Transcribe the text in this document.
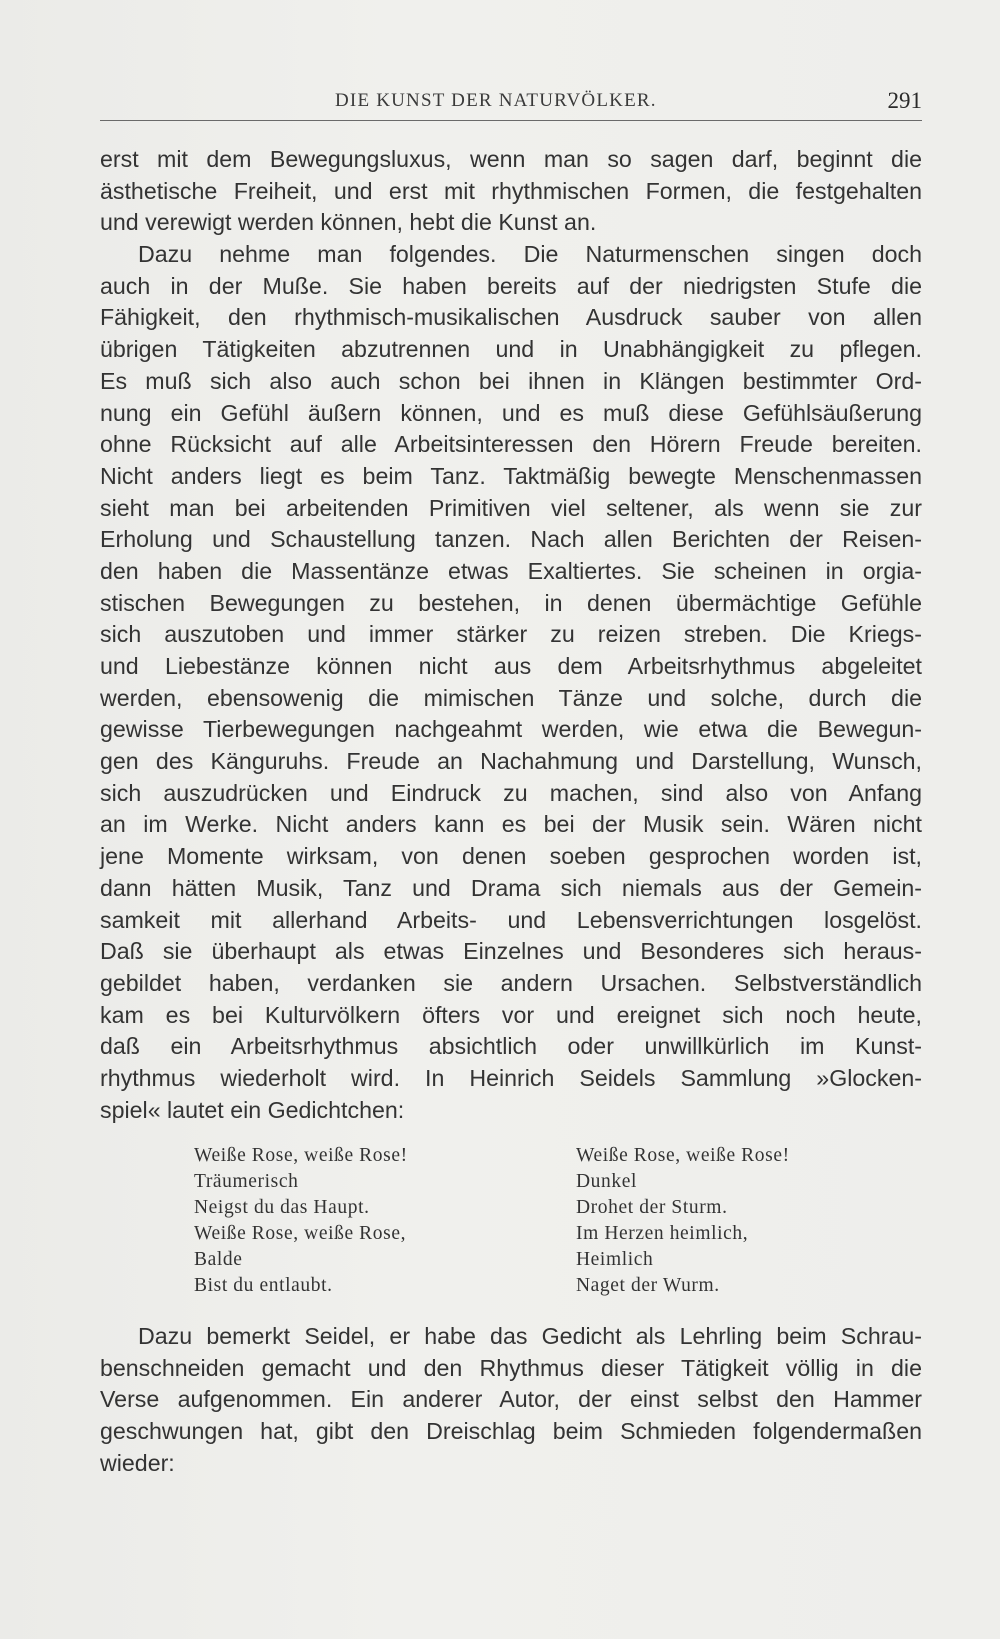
DIE KUNST DER NATURVÖLKER.	291
erst mit dem Bewegungsluxus, wenn man so sagen darf, beginnt die
ästhetische Freiheit, und erst mit rhythmischen Formen, die festgehalten
und verewigt werden können, hebt die Kunst an.
Dazu nehme man folgendes. Die Naturmenschen singen doch
auch in der Muße. Sie haben bereits auf der niedrigsten Stufe die
Fähigkeit, den rhythmisch-musikalischen Ausdruck sauber von allen
übrigen Tätigkeiten abzutrennen und in Unabhängigkeit zu pflegen.
Es muß sich also auch schon bei ihnen in Klängen bestimmter Ord-
nung ein Gefühl äußern können, und es muß diese Gefühlsäußerung
ohne Rücksicht auf alle Arbeitsinteressen den Hörern Freude bereiten.
Nicht anders liegt es beim Tanz. Taktmäßig bewegte Menschenmassen
sieht man bei arbeitenden Primitiven viel seltener, als wenn sie zur
Erholung und Schaustellung tanzen. Nach allen Berichten der Reisen-
den haben die Massentänze etwas Exaltiertes. Sie scheinen in orgia-
stischen Bewegungen zu bestehen, in denen übermächtige Gefühle
sich auszutoben und immer stärker zu reizen streben. Die Kriegs-
und Liebestänze können nicht aus dem Arbeitsrhythmus abgeleitet
werden, ebensowenig die mimischen Tänze und solche, durch die
gewisse Tierbewegungen nachgeahmt werden, wie etwa die Bewegun-
gen des Känguruhs. Freude an Nachahmung und Darstellung, Wunsch,
sich auszudrücken und Eindruck zu machen, sind also von Anfang
an im Werke. Nicht anders kann es bei der Musik sein. Wären nicht
jene Momente wirksam, von denen soeben gesprochen worden ist,
dann hätten Musik, Tanz und Drama sich niemals aus der Gemein-
samkeit mit allerhand Arbeits- und Lebensverrichtungen losgelöst.
Daß sie überhaupt als etwas Einzelnes und Besonderes sich heraus-
gebildet haben, verdanken sie andern Ursachen. Selbstverständlich
kam es bei Kulturvölkern öfters vor und ereignet sich noch heute,
daß ein Arbeitsrhythmus absichtlich oder unwillkürlich im Kunst-
rhythmus wiederholt wird. In Heinrich Seidels Sammlung »Glocken-
spiel« lautet ein Gedichtchen:
Weiße Rose, weiße Rose!
Träumerisch
Neigst du das Haupt.
Weiße Rose, weiße Rose,
Balde
Bist du entlaubt.
Weiße Rose, weiße Rose!
Dunkel
Drohet der Sturm.
Im Herzen heimlich,
Heimlich
Naget der Wurm.
Dazu bemerkt Seidel, er habe das Gedicht als Lehrling beim Schrau-
benschneiden gemacht und den Rhythmus dieser Tätigkeit völlig in die
Verse aufgenommen. Ein anderer Autor, der einst selbst den Hammer
geschwungen hat, gibt den Dreischlag beim Schmieden folgendermaßen
wieder:
